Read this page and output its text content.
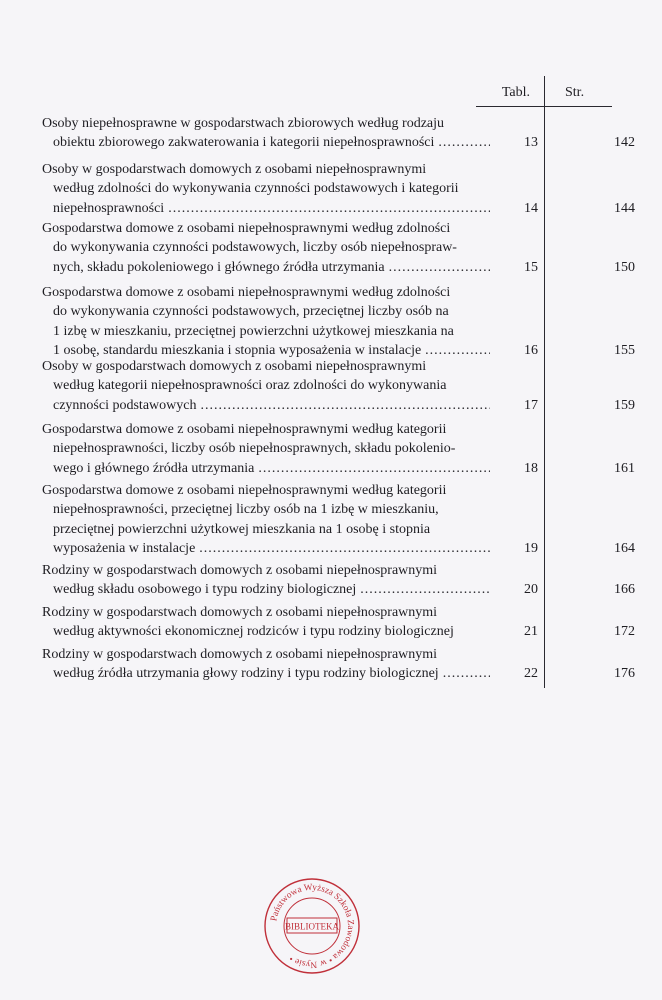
Tabl.	Str.
Osoby niepełnosprawne w gospodarstwach zbiorowych według rodzaju
obiektu zbiorowego zakwaterowania i kategorii niepełnosprawności .....	13	142
Osoby w gospodarstwach domowych z osobami niepełnosprawnymi
według zdolności do wykonywania czynności podstawowych i kategorii
niepełnosprawności .....	14	144
Gospodarstwa domowe z osobami niepełnosprawnymi według zdolności
do wykonywania czynności podstawowych, liczby osób niepełnospraw-
nych, składu pokoleniowego i głównego źródła utrzymania .....	15	150
Gospodarstwa domowe z osobami niepełnosprawnymi według zdolności
do wykonywania czynności podstawowych, przeciętnej liczby osób na
1 izbę w mieszkaniu, przeciętnej powierzchni użytkowej mieszkania na
1 osobę, standardu mieszkania i stopnia wyposażenia w instalacje .....	16	155
Osoby w gospodarstwach domowych z osobami niepełnosprawnymi
według kategorii niepełnosprawności oraz zdolności do wykonywania
czynności podstawowych .....	17	159
Gospodarstwa domowe z osobami niepełnosprawnymi według kategorii
niepełnosprawności, liczby osób niepełnosprawnych, składu pokolenio-
wego i głównego źródła utrzymania .....	18	161
Gospodarstwa domowe z osobami niepełnosprawnymi według kategorii
niepełnosprawności, przeciętnej liczby osób na 1 izbę w mieszkaniu,
przeciętnej powierzchni użytkowej mieszkania na 1 osobę i stopnia
wyposażenia w instalacje .....	19	164
Rodziny w gospodarstwach domowych z osobami niepełnosprawnymi
według składu osobowego i typu rodziny biologicznej .....	20	166
Rodziny w gospodarstwach domowych z osobami niepełnosprawnymi
według aktywności ekonomicznej rodziców i typu rodziny biologicznej	21	172
Rodziny w gospodarstwach domowych z osobami niepełnosprawnymi
według źródła utrzymania głowy rodziny i typu rodziny biologicznej .....	22	176
Państwowa Wyższa Szkoła Zawodowa • w Nysie •
BIBLIOTEKA
